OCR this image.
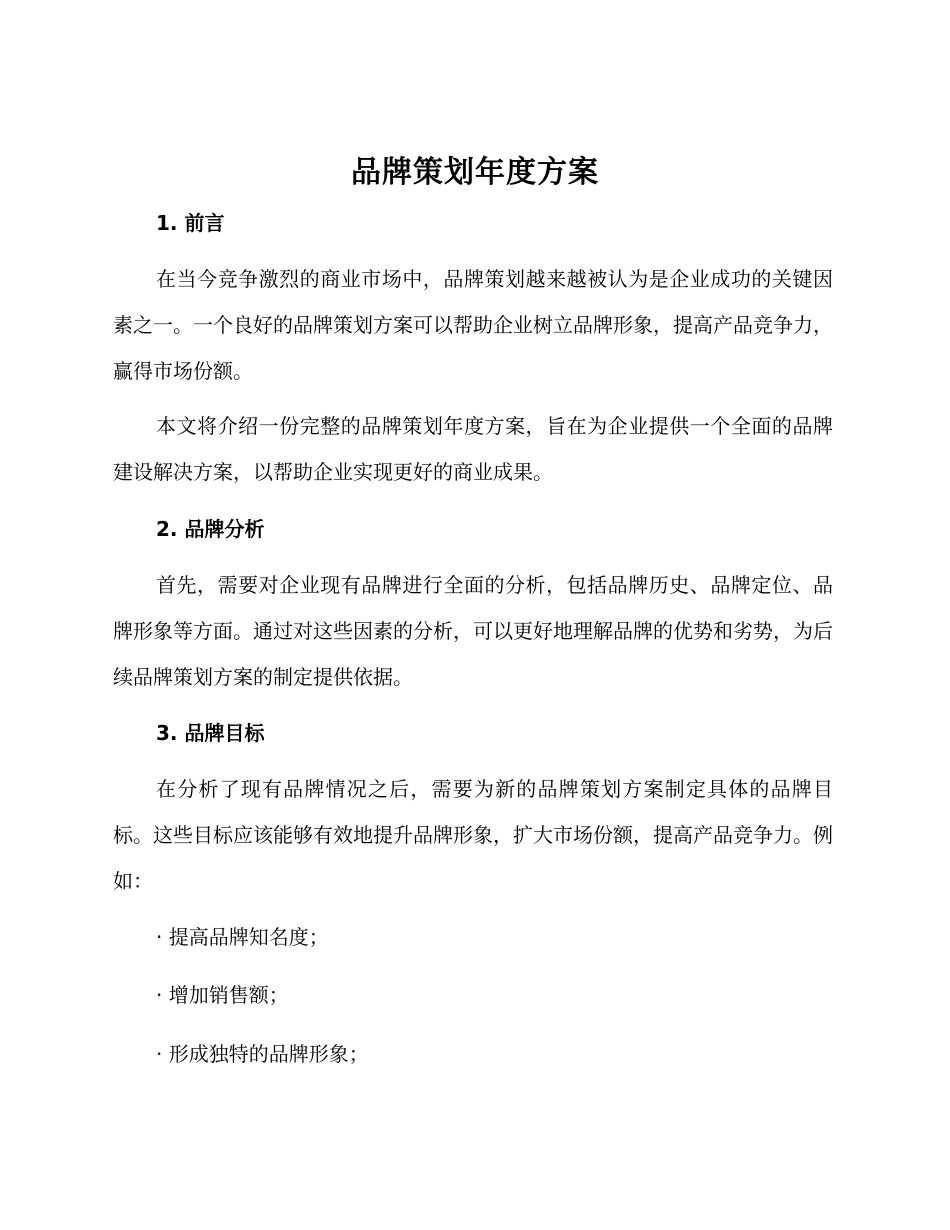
品牌策划年度方案
1. 前言

在当今竞争激烈的商业市场中，品牌策划越来越被认为是企业成功的关键因素之一。一个良好的品牌策划方案可以帮助企业树立品牌形象，提高产品竞争力，赢得市场份额。

本文将介绍一份完整的品牌策划年度方案，旨在为企业提供一个全面的品牌建设解决方案，以帮助企业实现更好的商业成果。

2. 品牌分析

首先，需要对企业现有品牌进行全面的分析，包括品牌历史、品牌定位、品牌形象等方面。通过对这些因素的分析，可以更好地理解品牌的优势和劣势，为后续品牌策划方案的制定提供依据。

3. 品牌目标

在分析了现有品牌情况之后，需要为新的品牌策划方案制定具体的品牌目标。这些目标应该能够有效地提升品牌形象，扩大市场份额，提高产品竞争力。例如：

· 提高品牌知名度；
· 增加销售额；
· 形成独特的品牌形象；
